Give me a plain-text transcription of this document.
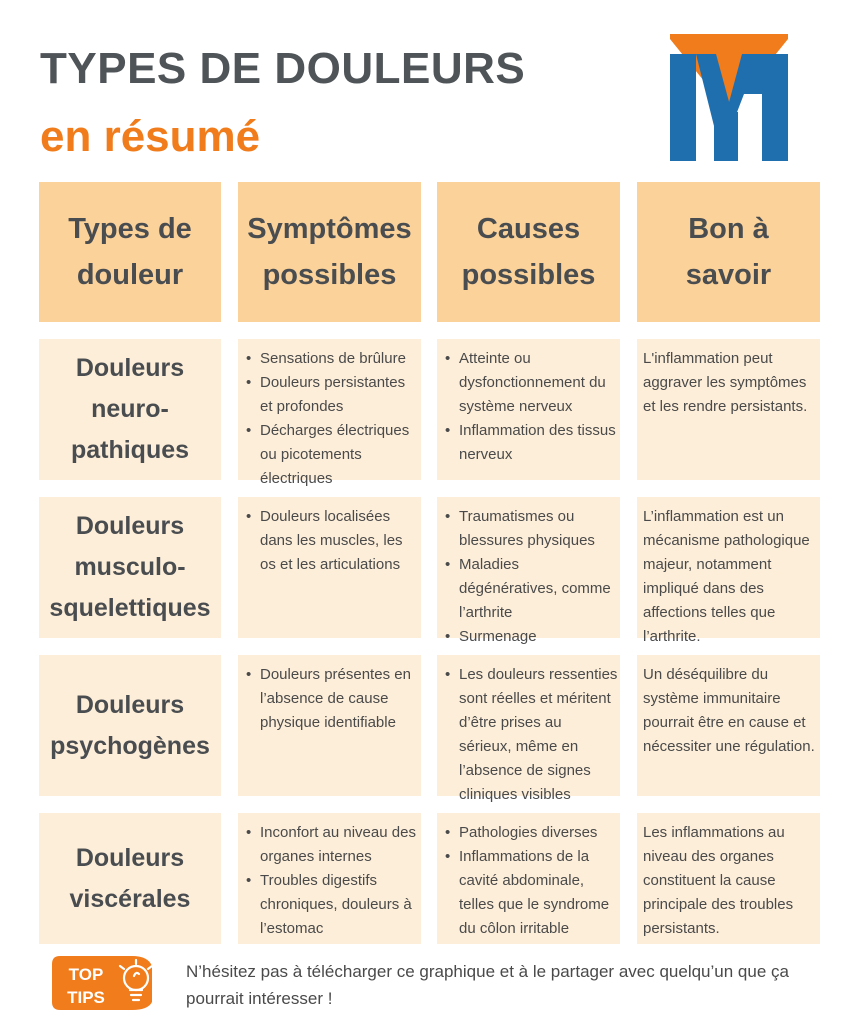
TYPES DE DOULEURS
en résumé
Types de
douleur
Symptômes
possibles
Causes
possibles
Bon à
savoir
Douleurs
neuro-
pathiques
• Sensations de brûlure
• Douleurs persistantes et profondes
• Décharges électriques ou picotements électriques
• Atteinte ou dysfonctionnement du système nerveux
• Inflammation des tissus nerveux

L'inflammation peut aggraver les symptômes et les rendre persistants.

Douleurs
musculo-
squelettiques
• Douleurs localisées dans les muscles, les os et les articulations
• Traumatismes ou blessures physiques
• Maladies dégénératives, comme l’arthrite
• Surmenage

L’inflammation est un mécanisme pathologique majeur, notamment impliqué dans des affections telles que l’arthrite.

Douleurs
psychogènes
• Douleurs présentes en l’absence de cause physique identifiable
• Les douleurs ressenties sont réelles et méritent d’être prises au sérieux, même en l’absence de signes cliniques visibles

Un déséquilibre du système immunitaire pourrait être en cause et nécessiter une régulation.

Douleurs
viscérales
• Inconfort au niveau des organes internes
• Troubles digestifs chroniques, douleurs à l’estomac
• Pathologies diverses
• Inflammations de la cavité abdominale, telles que le syndrome du côlon irritable

Les inflammations au niveau des organes constituent la cause principale des troubles persistants.

TOP
TIPS
N’hésitez pas à télécharger ce graphique et à le partager avec quelqu’un que ça pourrait intéresser !
